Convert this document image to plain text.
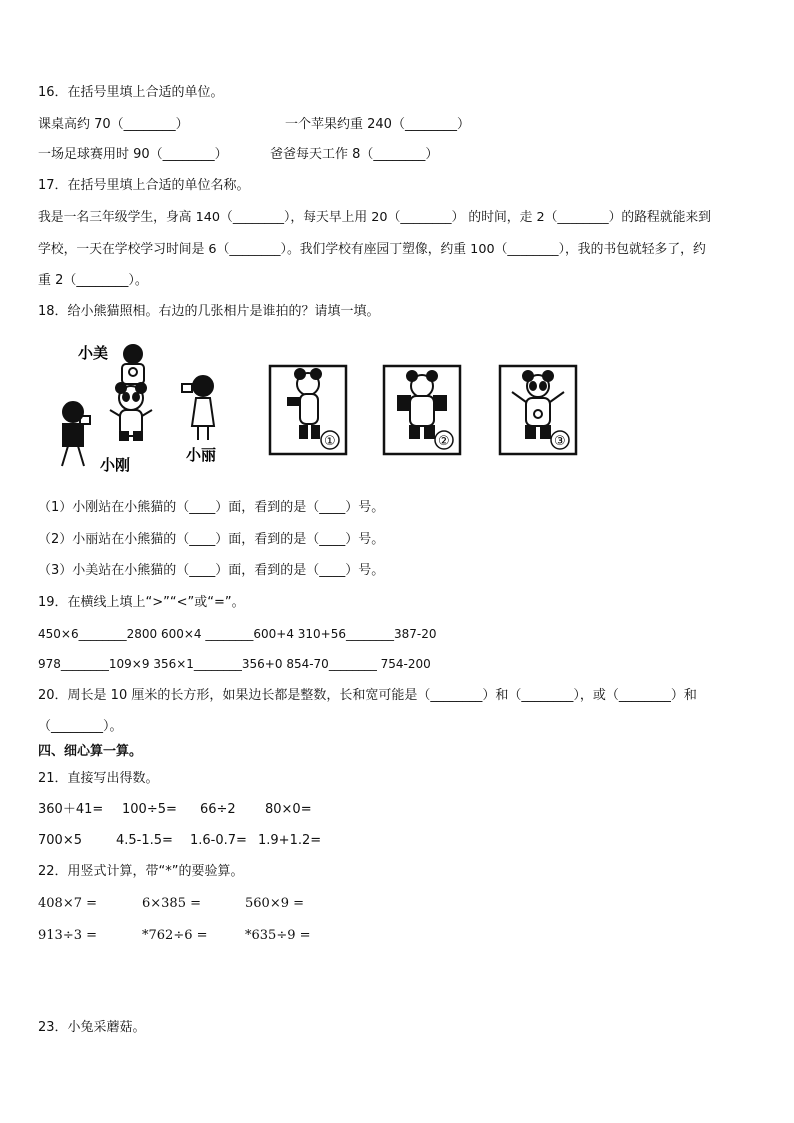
16．在括号里填上合适的单位。
课桌高约 70（________）	一个苹果约重 240（________）
一场足球赛用时 90（________）	爸爸每天工作 8（________）
17．在括号里填上合适的单位名称。
我是一名三年级学生，身高 140（________），每天早上用 20（________） 的时间，走 2（________）的路程就能来到
学校，一天在学校学习时间是 6（________）。我们学校有座园丁塑像，约重 100（________），我的书包就轻多了，约
重 2（________）。
18．给小熊猫照相。右边的几张相片是谁拍的？请填一填。
小美
小刚
小丽
①	②	③
（1）小刚站在小熊猫的（____）面，看到的是（____）号。
（2）小丽站在小熊猫的（____）面，看到的是（____）号。
（3）小美站在小熊猫的（____）面，看到的是（____）号。
19．在横线上填上“>”“<”或“=”。
450×6________2800 600×4 ________600+4 310+56________387-20
978________109×9 356×1________356+0 854-70________ 754-200
20．周长是 10 厘米的长方形，如果边长都是整数，长和宽可能是（________）和（________），或（________）和
（________）。
四、细心算一算。
21．直接写出得数。
360＋41= 100÷5= 66÷2 80×0=
700×5	4.5-1.5= 1.6-0.7= 1.9+1.2=
22．用竖式计算，带“*”的要验算。
408×7 =	6×385 =	560×9 =
913÷3 =	*762÷6 =	*635÷9 =
23．小兔采蘑菇。
